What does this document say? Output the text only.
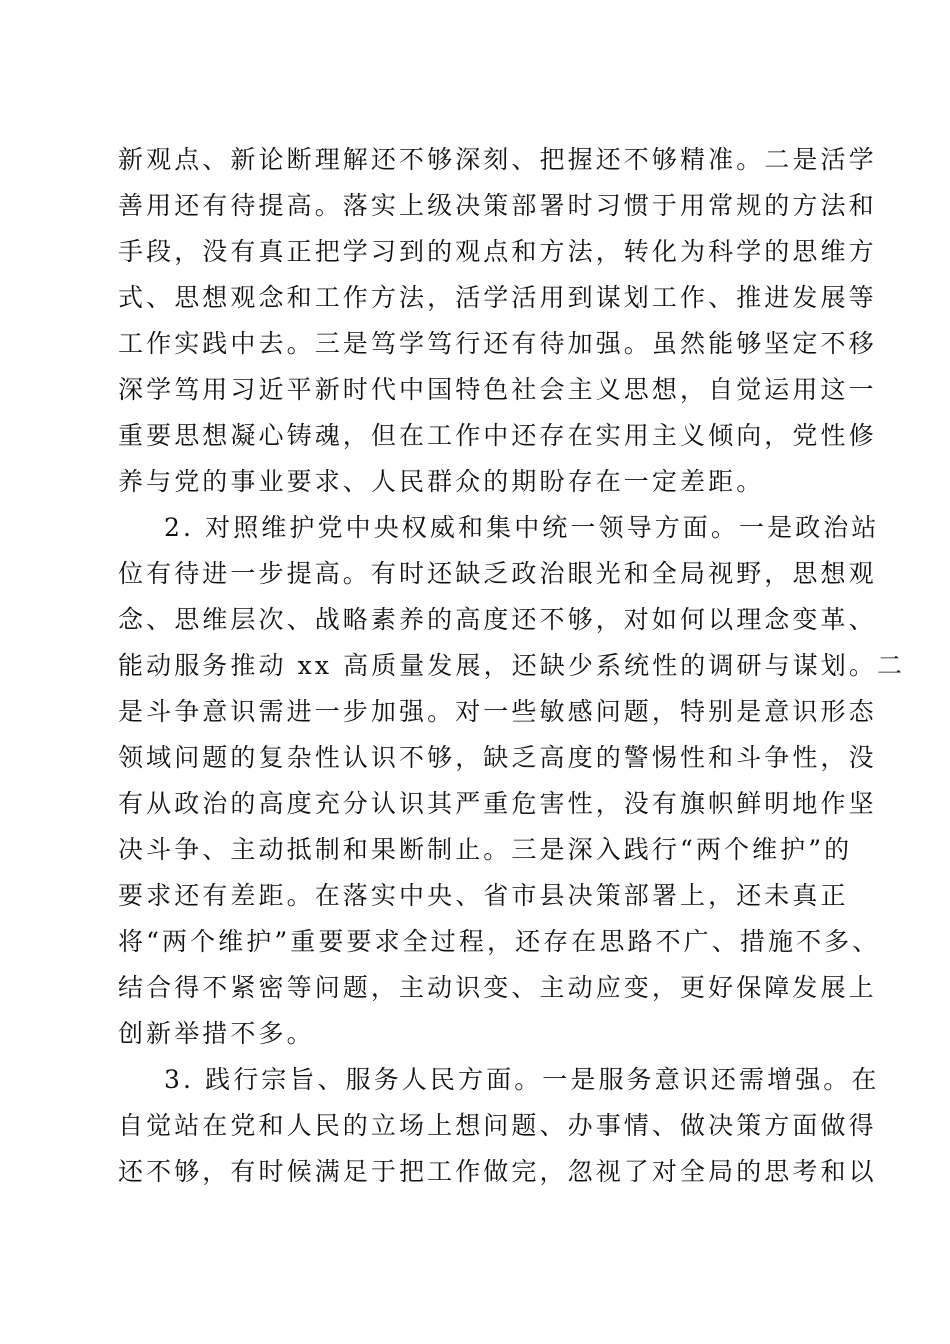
新观点、新论断理解还不够深刻、把握还不够精准。二是活学
善用还有待提高。落实上级决策部署时习惯于用常规的方法和
手段，没有真正把学习到的观点和方法，转化为科学的思维方
式、思想观念和工作方法，活学活用到谋划工作、推进发展等
工作实践中去。三是笃学笃行还有待加强。虽然能够坚定不移
深学笃用习近平新时代中国特色社会主义思想，自觉运用这一
重要思想凝心铸魂，但在工作中还存在实用主义倾向，党性修
养与党的事业要求、人民群众的期盼存在一定差距。
2. 对照维护党中央权威和集中统一领导方面。一是政治站
位有待进一步提高。有时还缺乏政治眼光和全局视野，思想观
念、思维层次、战略素养的高度还不够，对如何以理念变革、
能动服务推动 xx 高质量发展，还缺少系统性的调研与谋划。二
是斗争意识需进一步加强。对一些敏感问题，特别是意识形态
领域问题的复杂性认识不够，缺乏高度的警惕性和斗争性，没
有从政治的高度充分认识其严重危害性，没有旗帜鲜明地作坚
决斗争、主动抵制和果断制止。三是深入践行“两个维护”的
要求还有差距。在落实中央、省市县决策部署上，还未真正
将“两个维护”重要要求全过程，还存在思路不广、措施不多、
结合得不紧密等问题，主动识变、主动应变，更好保障发展上
创新举措不多。
3. 践行宗旨、服务人民方面。一是服务意识还需增强。在
自觉站在党和人民的立场上想问题、办事情、做决策方面做得
还不够，有时候满足于把工作做完，忽视了对全局的思考和以
